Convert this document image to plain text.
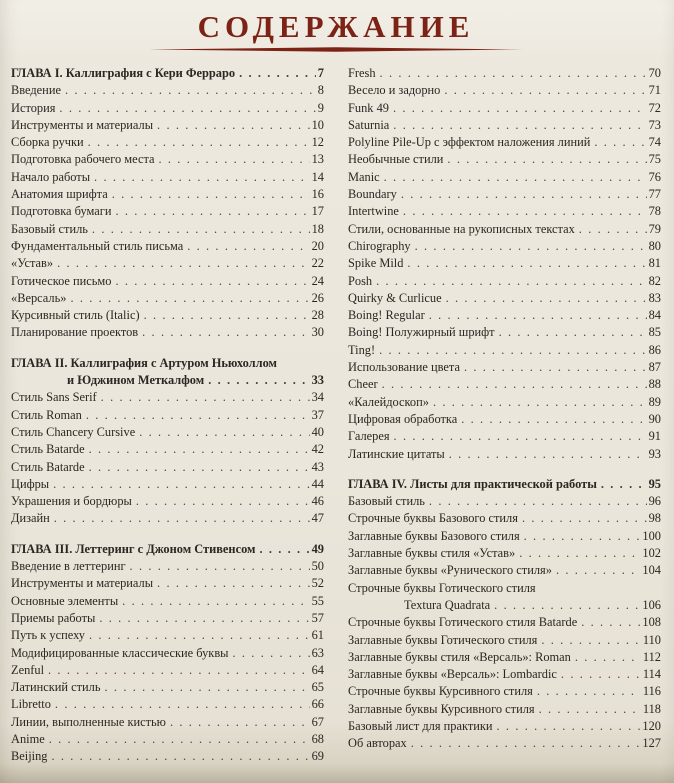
СОДЕРЖАНИЕ
ГЛАВА I. Каллиграфия с Кери Ферраро . . .	7
Введение . . .	8
История . . .	9
Инструменты и материалы . . .	10
Сборка ручки . . .	12
Подготовка рабочего места . . .	13
Начало работы . . .	14
Анатомия шрифта . . .	16
Подготовка бумаги . . .	17
Базовый стиль . . .	18
Фундаментальный стиль письма . . .	20
«Устав» . . .	22
Готическое письмо . . .	24
«Версаль» . . .	26
Курсивный стиль (Italic) . . .	28
Планирование проектов . . .	30
ГЛАВА II. Каллиграфия с Артуром Ньюхоллом
и Юджином Меткалфом . . .	33
Стиль Sans Serif . . .	34
Стиль Roman . . .	37
Стиль Chancery Cursive . . .	40
Стиль Batarde . . .	42
Стиль Batarde . . .	43
Цифры . . .	44
Украшения и бордюры . . .	46
Дизайн . . .	47
ГЛАВА III. Леттеринг с Джоном Стивенсом . . .	49
Введение в леттеринг . . .	50
Инструменты и материалы . . .	52
Основные элементы . . .	55
Приемы работы . . .	57
Путь к успеху . . .	61
Модифицированные классические буквы . . .	63
Zenful . . .	64
Латинский стиль . . .	65
Libretto . . .	66
Линии, выполненные кистью . . .	67
Anime . . .	68
Beijing . . .	69
Fresh . . .	70
Весело и задорно . . .	71
Funk 49 . . .	72
Saturnia . . .	73
Polyline Pile-Up с эффектом наложения линий . . .	74
Необычные стили . . .	75
Manic . . .	76
Boundary . . .	77
Intertwine . . .	78
Стили, основанные на рукописных текстах . . .	79
Chirography . . .	80
Spike Mild . . .	81
Posh . . .	82
Quirky & Curlicue . . .	83
Boing! Regular . . .	84
Boing! Полужирный шрифт . . .	85
Ting! . . .	86
Использование цвета . . .	87
Cheer . . .	88
«Калейдоскоп» . . .	89
Цифровая обработка . . .	90
Галерея . . .	91
Латинские цитаты . . .	93
ГЛАВА IV. Листы для практической работы . . .	95
Базовый стиль . . .	96
Строчные буквы Базового стиля . . .	98
Заглавные буквы Базового стиля . . .	100
Заглавные буквы стиля «Устав» . . .	102
Заглавные буквы «Рунического стиля» . . .	104
Строчные буквы Готического стиля
Textura Quadrata . . .	106
Строчные буквы Готического стиля Batarde . . .	108
Заглавные буквы Готического стиля . . .	110
Заглавные буквы стиля «Версаль»: Roman . . .	112
Заглавные буквы «Версаль»: Lombardic . . .	114
Строчные буквы Курсивного стиля . . .	116
Заглавные буквы Курсивного стиля . . .	118
Базовый лист для практики . . .	120
Об авторах . . .	127
